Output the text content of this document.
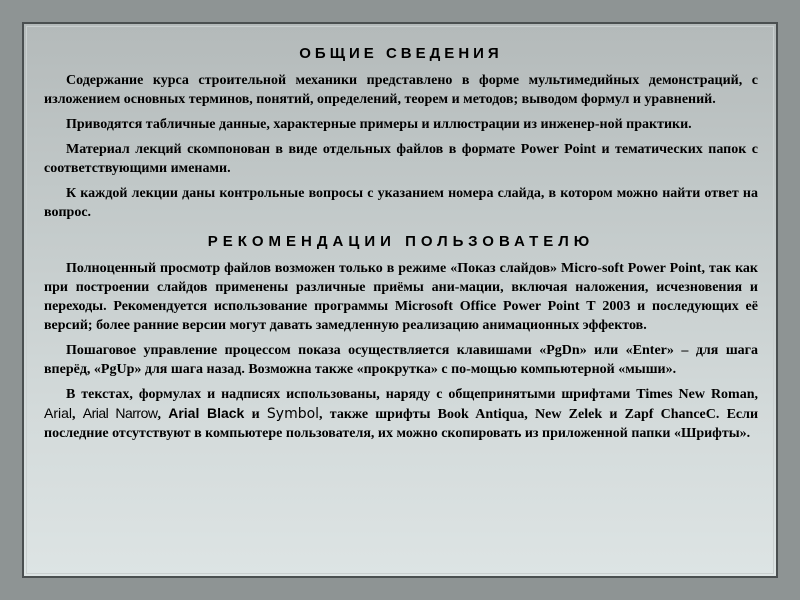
ОБЩИЕ СВЕДЕНИЯ

Содержание курса строительной механики представлено в форме мультимедийных демонстраций, с изложением основных терминов, понятий, определений, теорем и методов; выводом формул и уравнений.

Приводятся табличные данные, характерные примеры и иллюстрации из инженер-ной практики.

Материал лекций скомпонован в виде отдельных файлов в формате Power Point и тематических папок с соответствующими именами.

К каждой лекции даны контрольные вопросы с указанием номера слайда, в котором можно найти ответ на вопрос.

РЕКОМЕНДАЦИИ ПОЛЬЗОВАТЕЛЮ

Полноценный просмотр файлов возможен только в режиме «Показ слайдов» Micro-soft Power Point, так как при построении слайдов применены различные приёмы ани-мации, включая наложения, исчезновения и переходы. Рекомендуется использование программы Microsoft Office Power Point Т 2003 и последующих её версий; более ранние версии могут давать замедленную реализацию анимационных эффектов.

Пошаговое управление процессом показа осуществляется клавишами «PgDn» или «Enter» – для шага вперёд, «PgUp» для шага назад. Возможна также «прокрутка» с по-мощью компьютерной «мыши».

В текстах, формулах и надписях использованы, наряду с общепринятыми шрифтами Times New Roman, Arial, Arial Narrow, Arial Black и Symbol, также шрифты Book Antiqua, New Zelek и Zapf ChanceC. Если последние отсутствуют в компьютере пользователя, их можно скопировать из приложенной папки «Шрифты».
